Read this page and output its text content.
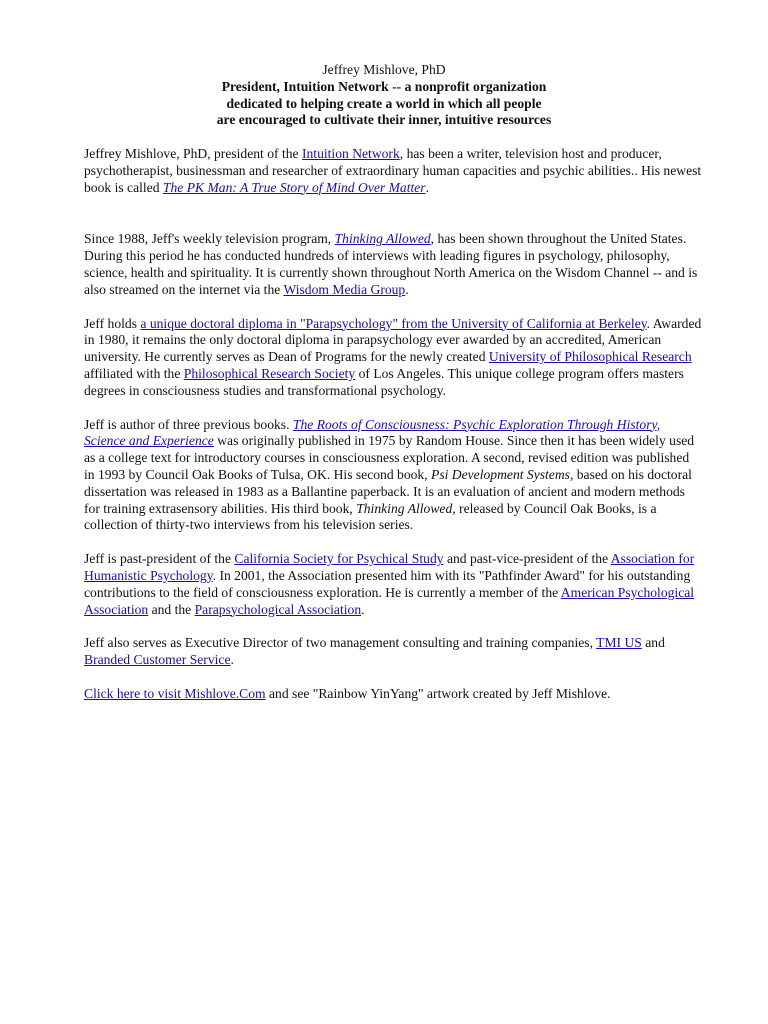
Jeffrey Mishlove, PhD
President, Intuition Network -- a nonprofit organization
dedicated to helping create a world in which all people
are encouraged to cultivate their inner, intuitive resources

Jeffrey Mishlove, PhD, president of the Intuition Network, has been a writer, television host and producer, psychotherapist, businessman and researcher of extraordinary human capacities and psychic abilities.. His newest book is called The PK Man: A True Story of Mind Over Matter.

Since 1988, Jeff's weekly television program, Thinking Allowed, has been shown throughout the United States. During this period he has conducted hundreds of interviews with leading figures in psychology, philosophy, science, health and spirituality. It is currently shown throughout North America on the Wisdom Channel -- and is also streamed on the internet via the Wisdom Media Group.

Jeff holds a unique doctoral diploma in "Parapsychology" from the University of California at Berkeley. Awarded in 1980, it remains the only doctoral diploma in parapsychology ever awarded by an accredited, American university. He currently serves as Dean of Programs for the newly created University of Philosophical Research affiliated with the Philosophical Research Society of Los Angeles. This unique college program offers masters degrees in consciousness studies and transformational psychology.

Jeff is author of three previous books. The Roots of Consciousness: Psychic Exploration Through History, Science and Experience was originally published in 1975 by Random House. Since then it has been widely used as a college text for introductory courses in consciousness exploration. A second, revised edition was published in 1993 by Council Oak Books of Tulsa, OK. His second book, Psi Development Systems, based on his doctoral dissertation was released in 1983 as a Ballantine paperback. It is an evaluation of ancient and modern methods for training extrasensory abilities. His third book, Thinking Allowed, released by Council Oak Books, is a collection of thirty-two interviews from his television series.

Jeff is past-president of the California Society for Psychical Study and past-vice-president of the Association for Humanistic Psychology. In 2001, the Association presented him with its "Pathfinder Award" for his outstanding contributions to the field of consciousness exploration. He is currently a member of the American Psychological Association and the Parapsychological Association.

Jeff also serves as Executive Director of two management consulting and training companies, TMI US and Branded Customer Service.

Click here to visit Mishlove.Com and see "Rainbow YinYang" artwork created by Jeff Mishlove.
